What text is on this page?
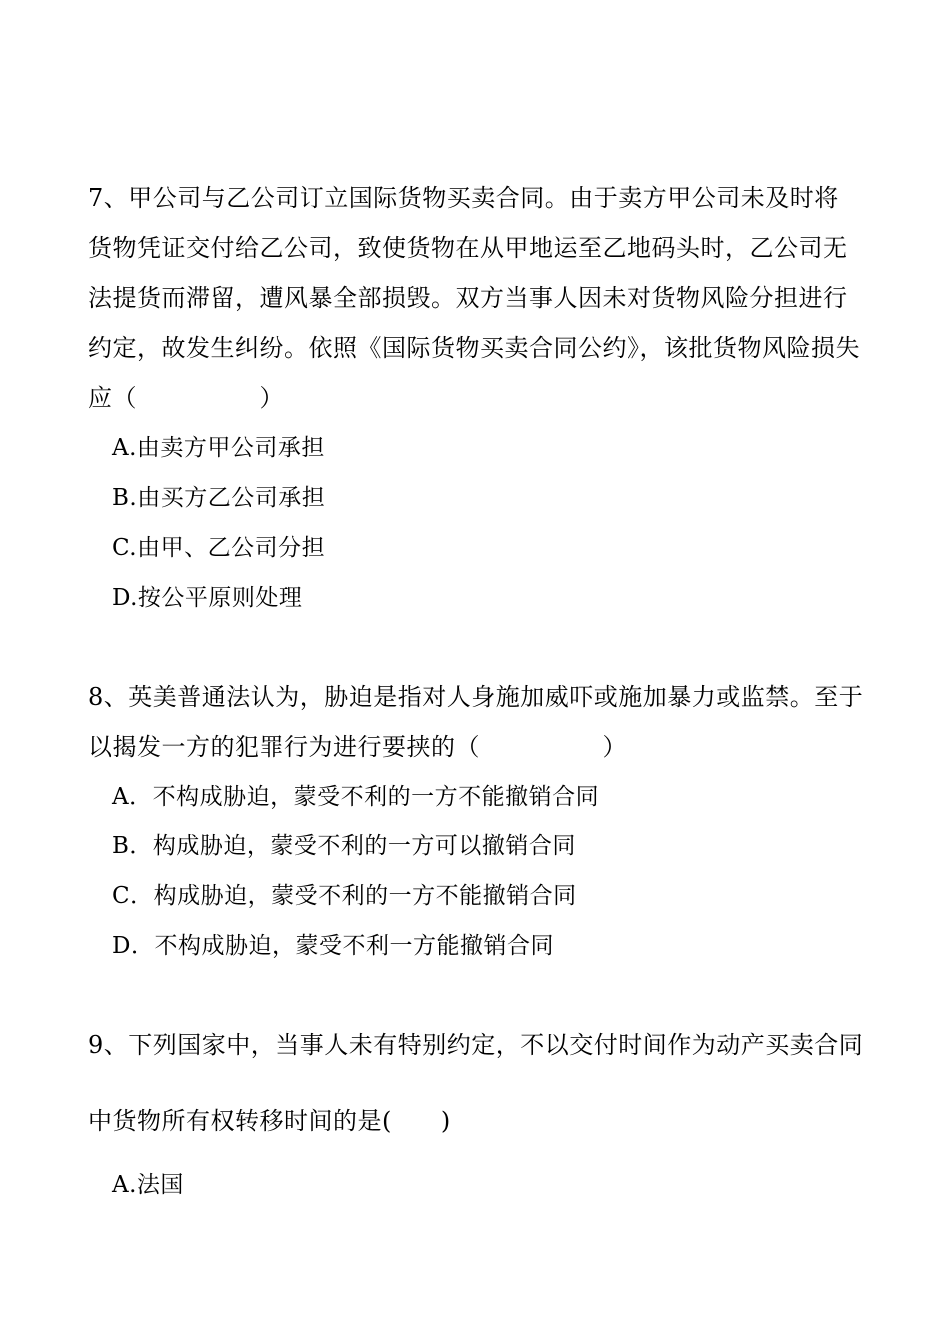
7、甲公司与乙公司订立国际货物买卖合同。由于卖方甲公司未及时将
货物凭证交付给乙公司，致使货物在从甲地运至乙地码头时，乙公司无
法提货而滞留，遭风暴全部损毁。双方当事人因未对货物风险分担进行
约定，故发生纠纷。依照《国际货物买卖合同公约》，该批货物风险损失
应（　　　　　）
A.由卖方甲公司承担
B.由买方乙公司承担
C.由甲、乙公司分担
D.按公平原则处理
8、英美普通法认为，胁迫是指对人身施加威吓或施加暴力或监禁。至于
以揭发一方的犯罪行为进行要挟的（　　　　　）
A．不构成胁迫，蒙受不利的一方不能撤销合同
B．构成胁迫，蒙受不利的一方可以撤销合同
C．构成胁迫，蒙受不利的一方不能撤销合同
D．不构成胁迫，蒙受不利一方能撤销合同
9、下列国家中，当事人未有特别约定，不以交付时间作为动产买卖合同
中货物所有权转移时间的是(　　)
A.法国
